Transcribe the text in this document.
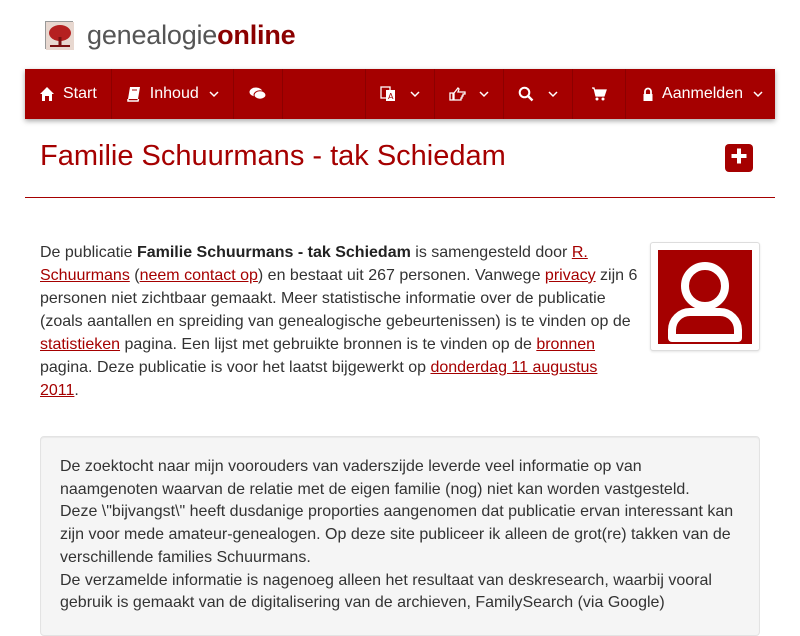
genealogieonline
Start	Inhoud	A	Aanmelden
Familie Schuurmans - tak Schiedam

De publicatie Familie Schuurmans - tak Schiedam is samengesteld door R. Schuurmans (neem contact op) en bestaat uit 267 personen. Vanwege privacy zijn 6 personen niet zichtbaar gemaakt. Meer statistische informatie over de publicatie (zoals aantallen en spreiding van genealogische gebeurtenissen) is te vinden op de statistieken pagina. Een lijst met gebruikte bronnen is te vinden op de bronnen pagina. Deze publicatie is voor het laatst bijgewerkt op donderdag 11 augustus 2011.

De zoektocht naar mijn voorouders van vaderszijde leverde veel informatie op van naamgenoten waarvan de relatie met de eigen familie (nog) niet kan worden vastgesteld.

Deze \"bijvangst\" heeft dusdanige proporties aangenomen dat publicatie ervan interessant kan zijn voor mede amateur-genealogen. Op deze site publiceer ik alleen de grot(re) takken van de verschillende families Schuurmans.

De verzamelde informatie is nagenoeg alleen het resultaat van deskresearch, waarbij vooral gebruik is gemaakt van de digitalisering van de archieven, FamilySearch (via Google)
